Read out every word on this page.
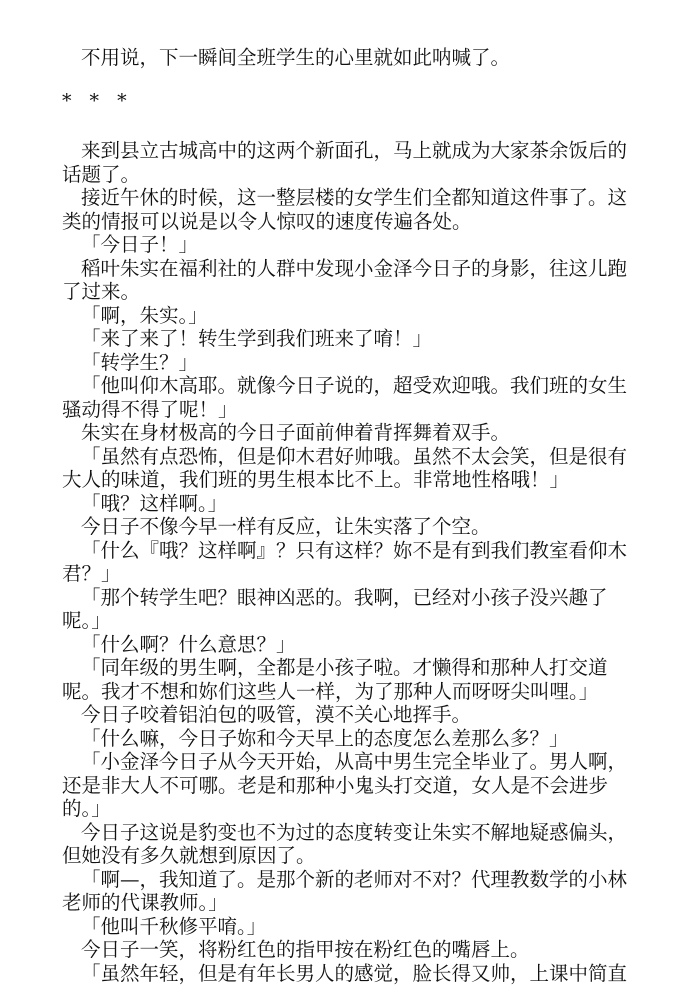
不用说，下一瞬间全班学生的心里就如此呐喊了。

* * *

来到县立古城高中的这两个新面孔，马上就成为大家茶余饭后的话题了。

接近午休的时候，这一整层楼的女学生们全都知道这件事了。这类的情报可以说是以令人惊叹的速度传遍各处。

「今日子！」

稻叶朱实在福利社的人群中发现小金泽今日子的身影，往这儿跑了过来。

「啊，朱实。」

「来了来了！转生学到我们班来了唷！」

「转学生？」

「他叫仰木高耶。就像今日子说的，超受欢迎哦。我们班的女生骚动得不得了呢！」

朱实在身材极高的今日子面前伸着背挥舞着双手。

「虽然有点恐怖，但是仰木君好帅哦。虽然不太会笑，但是很有大人的味道，我们班的男生根本比不上。非常地性格哦！」

「哦？这样啊。」

今日子不像今早一样有反应，让朱实落了个空。

「什么『哦？这样啊』？只有这样？妳不是有到我们教室看仰木君？」

「那个转学生吧？眼神凶恶的。我啊，已经对小孩子没兴趣了呢。」

「什么啊？什么意思？」

「同年级的男生啊，全都是小孩子啦。才懒得和那种人打交道呢。我才不想和妳们这些人一样，为了那种人而呀呀尖叫哩。」

今日子咬着铝泊包的吸管，漠不关心地挥手。

「什么嘛，今日子妳和今天早上的态度怎么差那么多？」

「小金泽今日子从今天开始，从高中男生完全毕业了。男人啊，还是非大人不可哪。老是和那种小鬼头打交道，女人是不会进步的。」

今日子这说是豹变也不为过的态度转变让朱实不解地疑惑偏头，但她没有多久就想到原因了。

「啊—，我知道了。是那个新的老师对不对？代理教数学的小林老师的代课教师。」

「他叫千秋修平唷。」

今日子一笑，将粉红色的指甲按在粉红色的嘴唇上。

「虽然年轻，但是有年长男人的感觉，脸长得又帅，上课中简直
